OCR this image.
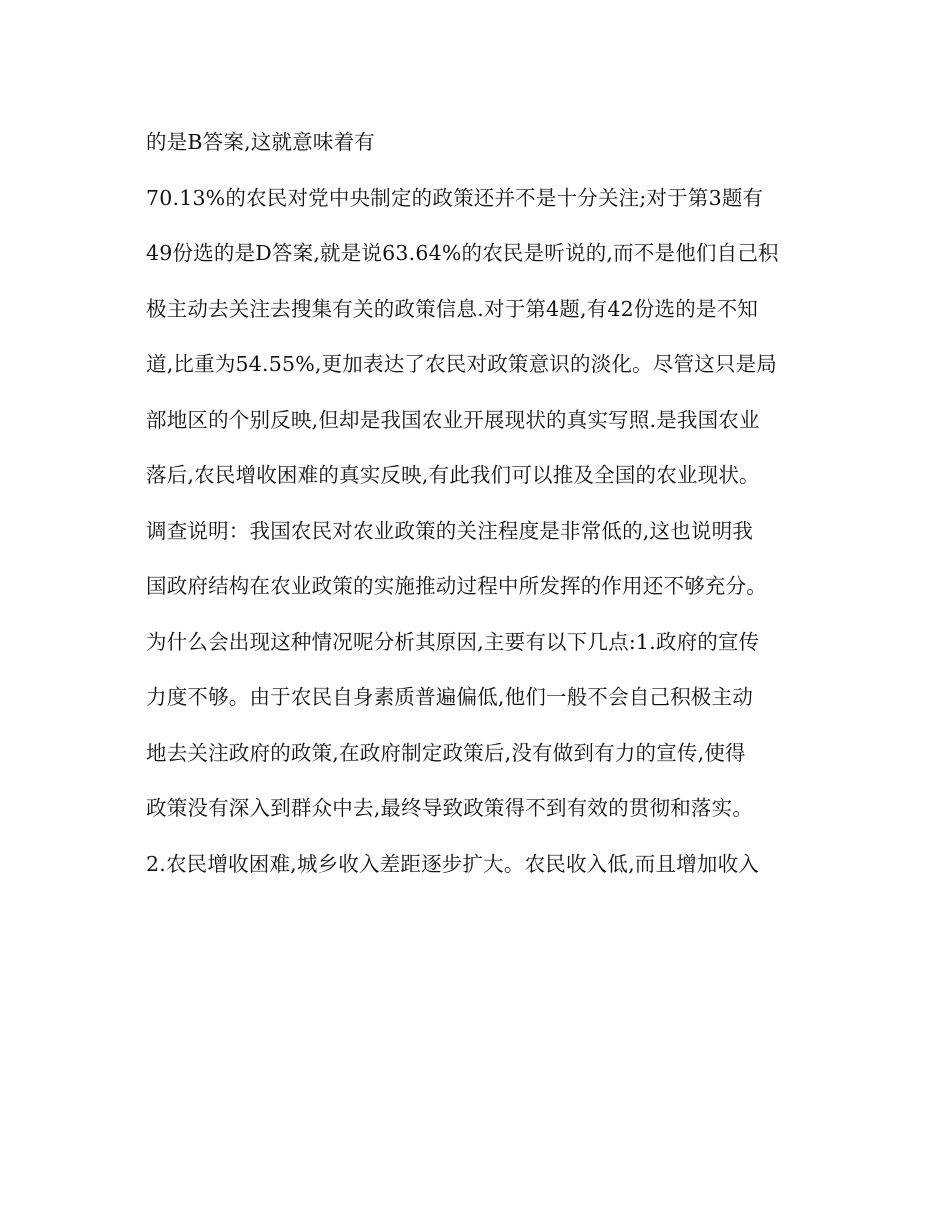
的是B答案,这就意味着有
70.13%的农民对党中央制定的政策还并不是十分关注;对于第3题有
49份选的是D答案,就是说63.64%的农民是听说的,而不是他们自己积
极主动去关注去搜集有关的政策信息.对于第4题,有42份选的是不知
道,比重为54.55%,更加表达了农民对政策意识的淡化。尽管这只是局
部地区的个别反映,但却是我国农业开展现状的真实写照.是我国农业
落后,农民增收困难的真实反映,有此我们可以推及全国的农业现状。
调查说明：我国农民对农业政策的关注程度是非常低的,这也说明我
国政府结构在农业政策的实施推动过程中所发挥的作用还不够充分。
为什么会出现这种情况呢分析其原因,主要有以下几点:1.政府的宣传
力度不够。由于农民自身素质普遍偏低,他们一般不会自己积极主动
地去关注政府的政策,在政府制定政策后,没有做到有力的宣传,使得
政策没有深入到群众中去,最终导致政策得不到有效的贯彻和落实。
2.农民增收困难,城乡收入差距逐步扩大。农民收入低,而且增加收入
